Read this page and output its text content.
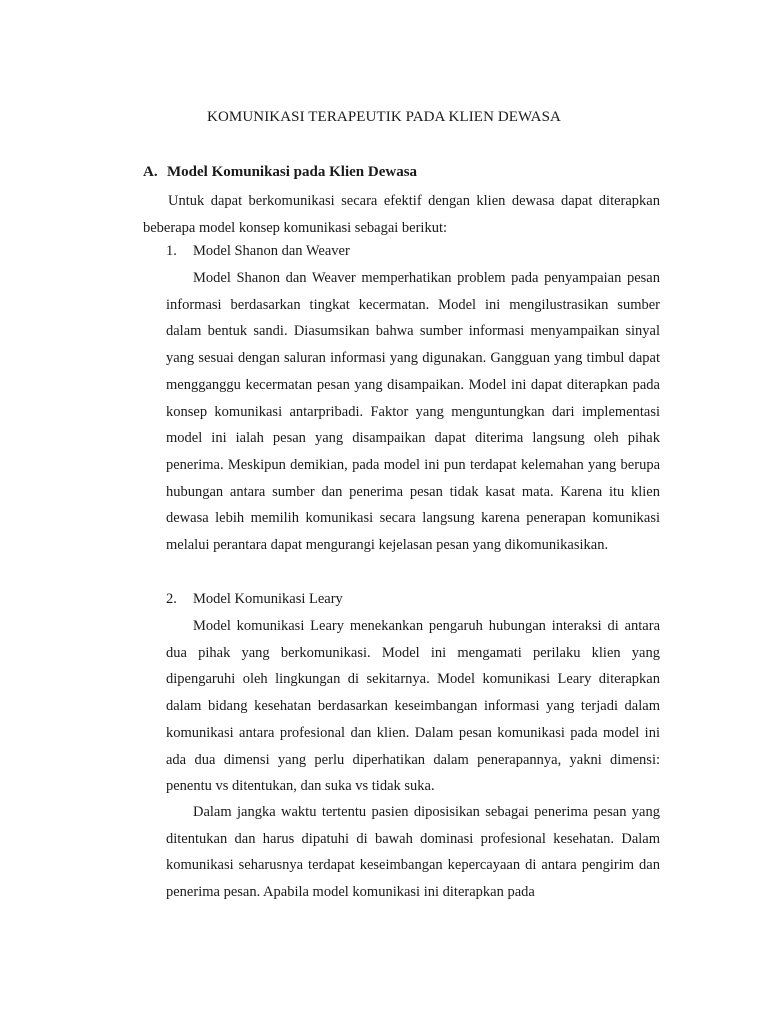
KOMUNIKASI TERAPEUTIK PADA KLIEN DEWASA
A. Model Komunikasi pada Klien Dewasa

Untuk dapat berkomunikasi secara efektif dengan klien dewasa dapat diterapkan beberapa model konsep komunikasi sebagai berikut:

1.	Model Shanon dan Weaver

Model Shanon dan Weaver memperhatikan problem pada penyampaian pesan informasi berdasarkan tingkat kecermatan. Model ini mengilustrasikan sumber dalam bentuk sandi. Diasumsikan bahwa sumber informasi menyampaikan sinyal yang sesuai dengan saluran informasi yang digunakan. Gangguan yang timbul dapat mengganggu kecermatan pesan yang disampaikan. Model ini dapat diterapkan pada konsep komunikasi antarpribadi. Faktor yang menguntungkan dari implementasi model ini ialah pesan yang disampaikan dapat diterima langsung oleh pihak penerima. Meskipun demikian, pada model ini pun terdapat kelemahan yang berupa hubungan antara sumber dan penerima pesan tidak kasat mata. Karena itu klien dewasa lebih memilih komunikasi secara langsung karena penerapan komunikasi melalui perantara dapat mengurangi kejelasan pesan yang dikomunikasikan.

2.	Model Komunikasi Leary

Model komunikasi Leary menekankan pengaruh hubungan interaksi di antara dua pihak yang berkomunikasi. Model ini mengamati perilaku klien yang dipengaruhi oleh lingkungan di sekitarnya. Model komunikasi Leary diterapkan dalam bidang kesehatan berdasarkan keseimbangan informasi yang terjadi dalam komunikasi antara profesional dan klien. Dalam pesan komunikasi pada model ini ada dua dimensi yang perlu diperhatikan dalam penerapannya, yakni dimensi: penentu vs ditentukan, dan suka vs tidak suka.

Dalam jangka waktu tertentu pasien diposisikan sebagai penerima pesan yang ditentukan dan harus dipatuhi di bawah dominasi profesional kesehatan. Dalam komunikasi seharusnya terdapat keseimbangan kepercayaan di antara pengirim dan penerima pesan. Apabila model komunikasi ini diterapkan pada
